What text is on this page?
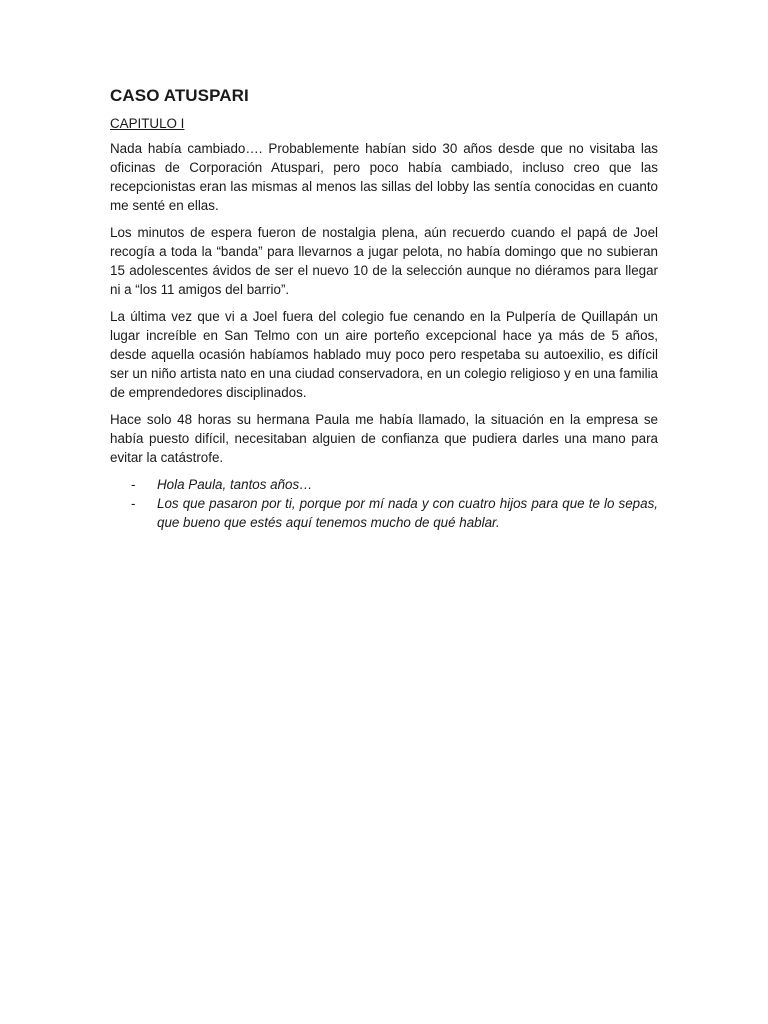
CASO ATUSPARI
CAPITULO I

Nada había cambiado…. Probablemente habían sido 30 años desde que no visitaba las oficinas de Corporación Atuspari, pero poco había cambiado, incluso creo que las recepcionistas eran las mismas al menos las sillas del lobby las sentía conocidas en cuanto me senté en ellas.

Los minutos de espera fueron de nostalgia plena, aún recuerdo cuando el papá de Joel recogía a toda la “banda” para llevarnos a jugar pelota, no había domingo que no subieran 15 adolescentes ávidos de ser el nuevo 10 de la selección aunque no diéramos para llegar ni a “los 11 amigos del barrio”.

La última vez que vi a Joel fuera del colegio fue cenando en la Pulpería de Quillapán un lugar increíble en San Telmo con un aire porteño excepcional hace ya más de 5 años, desde aquella ocasión habíamos hablado muy poco pero respetaba su autoexilio, es difícil ser un niño artista nato en una ciudad conservadora, en un colegio religioso y en una familia de emprendedores disciplinados.

Hace solo 48 horas su hermana Paula me había llamado, la situación en la empresa se había puesto difícil, necesitaban alguien de confianza que pudiera darles una mano para evitar la catástrofe.

- Hola Paula, tantos años…
- Los que pasaron por ti, porque por mí nada y con cuatro hijos para que te lo sepas, que bueno que estés aquí tenemos mucho de qué hablar.
